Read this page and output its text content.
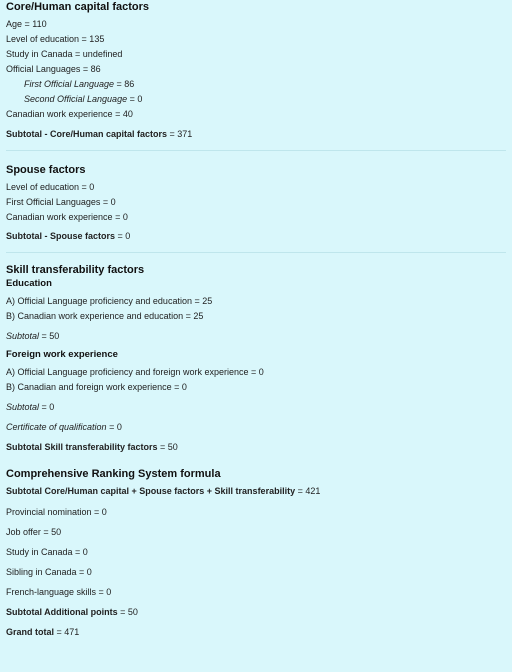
Core/Human capital factors
Age = 110
Level of education = 135
Study in Canada = undefined
Official Languages = 86
First Official Language = 86
Second Official Language = 0
Canadian work experience = 40
Subtotal - Core/Human capital factors = 371
Spouse factors
Level of education = 0
First Official Languages = 0
Canadian work experience = 0
Subtotal - Spouse factors = 0
Skill transferability factors
Education
A) Official Language proficiency and education = 25
B) Canadian work experience and education = 25
Subtotal = 50
Foreign work experience
A) Official Language proficiency and foreign work experience = 0
B) Canadian and foreign work experience = 0
Subtotal = 0
Certificate of qualification = 0
Subtotal Skill transferability factors = 50
Comprehensive Ranking System formula
Subtotal Core/Human capital + Spouse factors + Skill transferability = 421
Provincial nomination = 0
Job offer = 50
Study in Canada = 0
Sibling in Canada = 0
French-language skills = 0
Subtotal Additional points = 50
Grand total = 471
